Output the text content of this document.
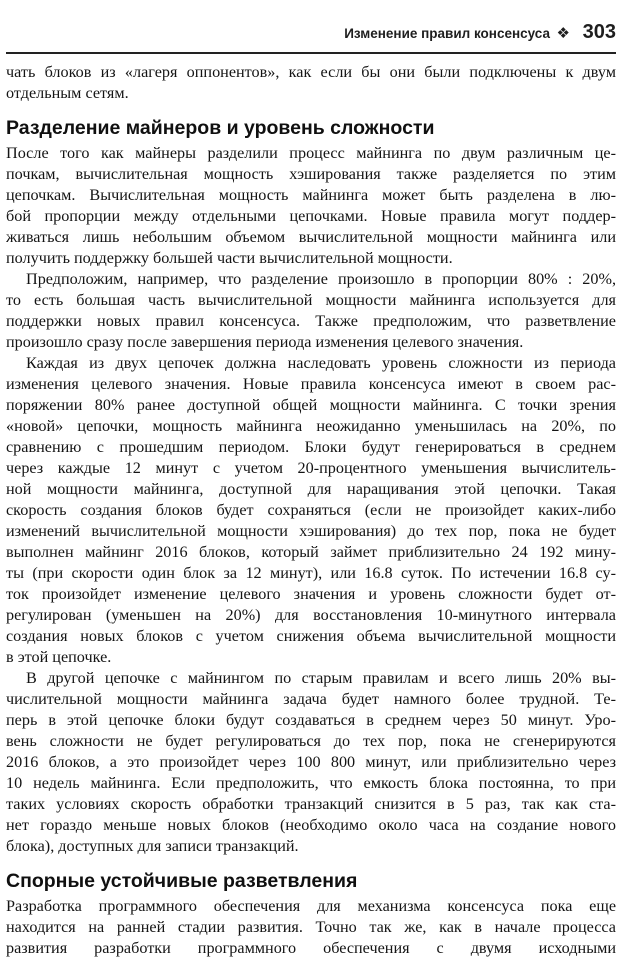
Изменение правил консенсуса ❖ 303
чать блоков из «лагеря оппонентов», как если бы они были подключены к двум
отдельным сетям.
Разделение майнеров и уровень сложности
После того как майнеры разделили процесс майнинга по двум различным це-
почкам, вычислительная мощность хэширования также разделяется по этим
цепочкам. Вычислительная мощность майнинга может быть разделена в лю-
бой пропорции между отдельными цепочками. Новые правила могут поддер-
живаться лишь небольшим объемом вычислительной мощности майнинга или
получить поддержку большей части вычислительной мощности.
Предположим, например, что разделение произошло в пропорции 80% : 20%,
то есть большая часть вычислительной мощности майнинга используется для
поддержки новых правил консенсуса. Также предположим, что разветвление
произошло сразу после завершения периода изменения целевого значения.
Каждая из двух цепочек должна наследовать уровень сложности из периода
изменения целевого значения. Новые правила консенсуса имеют в своем рас-
поряжении 80% ранее доступной общей мощности майнинга. С точки зрения
«новой» цепочки, мощность майнинга неожиданно уменьшилась на 20%, по
сравнению с прошедшим периодом. Блоки будут генерироваться в среднем
через каждые 12 минут с учетом 20-процентного уменьшения вычислитель-
ной мощности майнинга, доступной для наращивания этой цепочки. Такая
скорость создания блоков будет сохраняться (если не произойдет каких-либо
изменений вычислительной мощности хэширования) до тех пор, пока не будет
выполнен майнинг 2016 блоков, который займет приблизительно 24 192 мину-
ты (при скорости один блок за 12 минут), или 16.8 суток. По истечении 16.8 су-
ток произойдет изменение целевого значения и уровень сложности будет от-
регулирован (уменьшен на 20%) для восстановления 10-минутного интервала
создания новых блоков с учетом снижения объема вычислительной мощности
в этой цепочке.
В другой цепочке с майнингом по старым правилам и всего лишь 20% вы-
числительной мощности майнинга задача будет намного более трудной. Те-
перь в этой цепочке блоки будут создаваться в среднем через 50 минут. Уро-
вень сложности не будет регулироваться до тех пор, пока не сгенерируются
2016 блоков, а это произойдет через 100 800 минут, или приблизительно через
10 недель майнинга. Если предположить, что емкость блока постоянна, то при
таких условиях скорость обработки транзакций снизится в 5 раз, так как ста-
нет гораздо меньше новых блоков (необходимо около часа на создание нового
блока), доступных для записи транзакций.
Спорные устойчивые разветвления
Разработка программного обеспечения для механизма консенсуса пока еще
находится на ранней стадии развития. Точно так же, как в начале процесса
развития разработки программного обеспечения с двумя исходными
